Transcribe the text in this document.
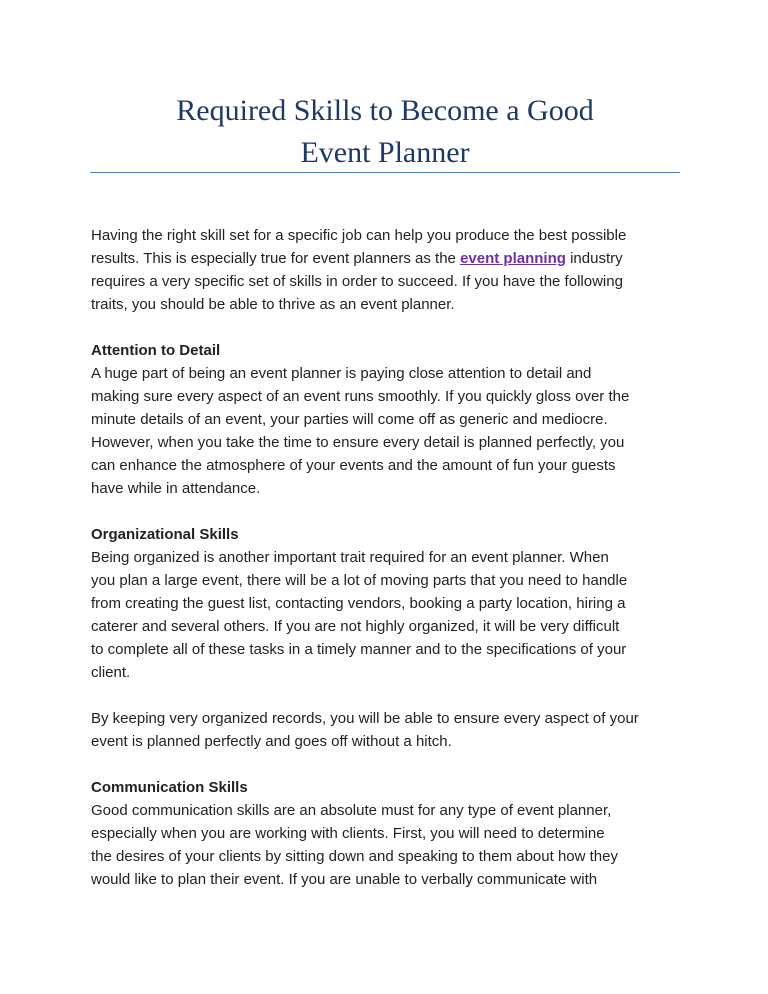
Required Skills to Become a Good
Event Planner
Having the right skill set for a specific job can help you produce the best possible
results. This is especially true for event planners as the event planning industry
requires a very specific set of skills in order to succeed. If you have the following
traits, you should be able to thrive as an event planner.
Attention to Detail
A huge part of being an event planner is paying close attention to detail and
making sure every aspect of an event runs smoothly. If you quickly gloss over the
minute details of an event, your parties will come off as generic and mediocre.
However, when you take the time to ensure every detail is planned perfectly, you
can enhance the atmosphere of your events and the amount of fun your guests
have while in attendance.
Organizational Skills
Being organized is another important trait required for an event planner. When
you plan a large event, there will be a lot of moving parts that you need to handle
from creating the guest list, contacting vendors, booking a party location, hiring a
caterer and several others. If you are not highly organized, it will be very difficult
to complete all of these tasks in a timely manner and to the specifications of your
client.
By keeping very organized records, you will be able to ensure every aspect of your
event is planned perfectly and goes off without a hitch.
Communication Skills
Good communication skills are an absolute must for any type of event planner,
especially when you are working with clients. First, you will need to determine
the desires of your clients by sitting down and speaking to them about how they
would like to plan their event. If you are unable to verbally communicate with
